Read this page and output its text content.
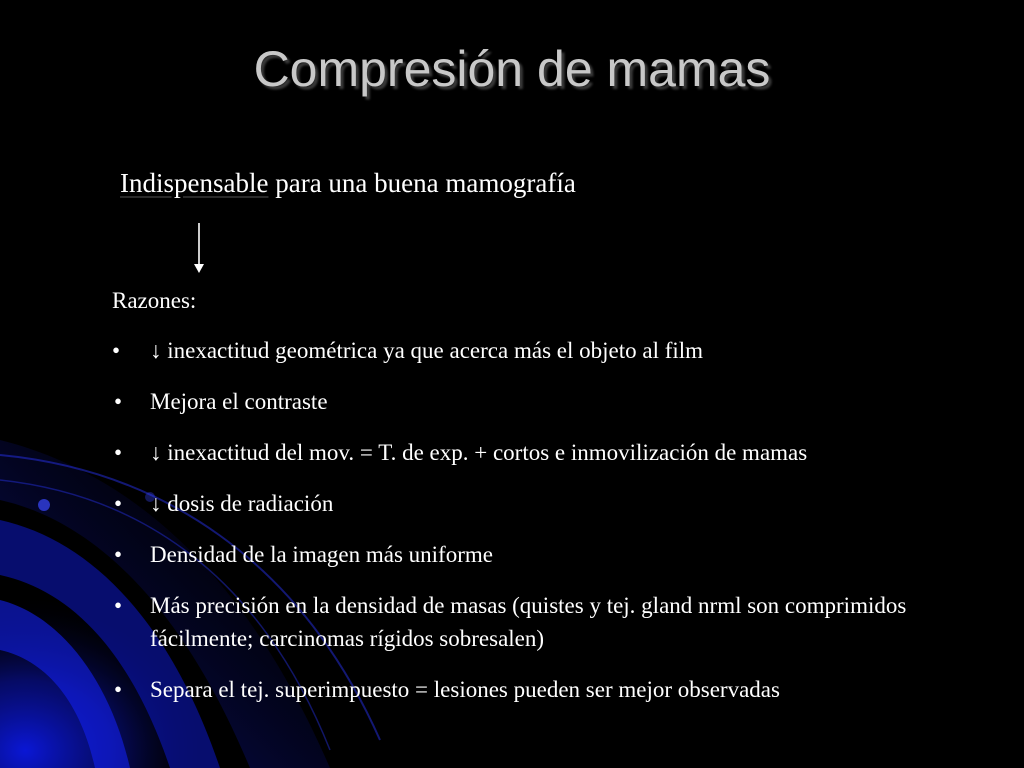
Compresión de mamas
Indispensable para una buena mamografía

Razones:

• ↓ inexactitud geométrica ya que acerca más el objeto al film
• Mejora el contraste
• ↓ inexactitud del mov. = T. de exp. + cortos e inmovilización de mamas
• ↓ dosis de radiación
• Densidad de la imagen más uniforme
• Más precisión en la densidad de masas (quistes y tej. gland nrml son comprimidos fácilmente; carcinomas rígidos sobresalen)
• Separa el tej. superimpuesto = lesiones pueden ser mejor observadas
